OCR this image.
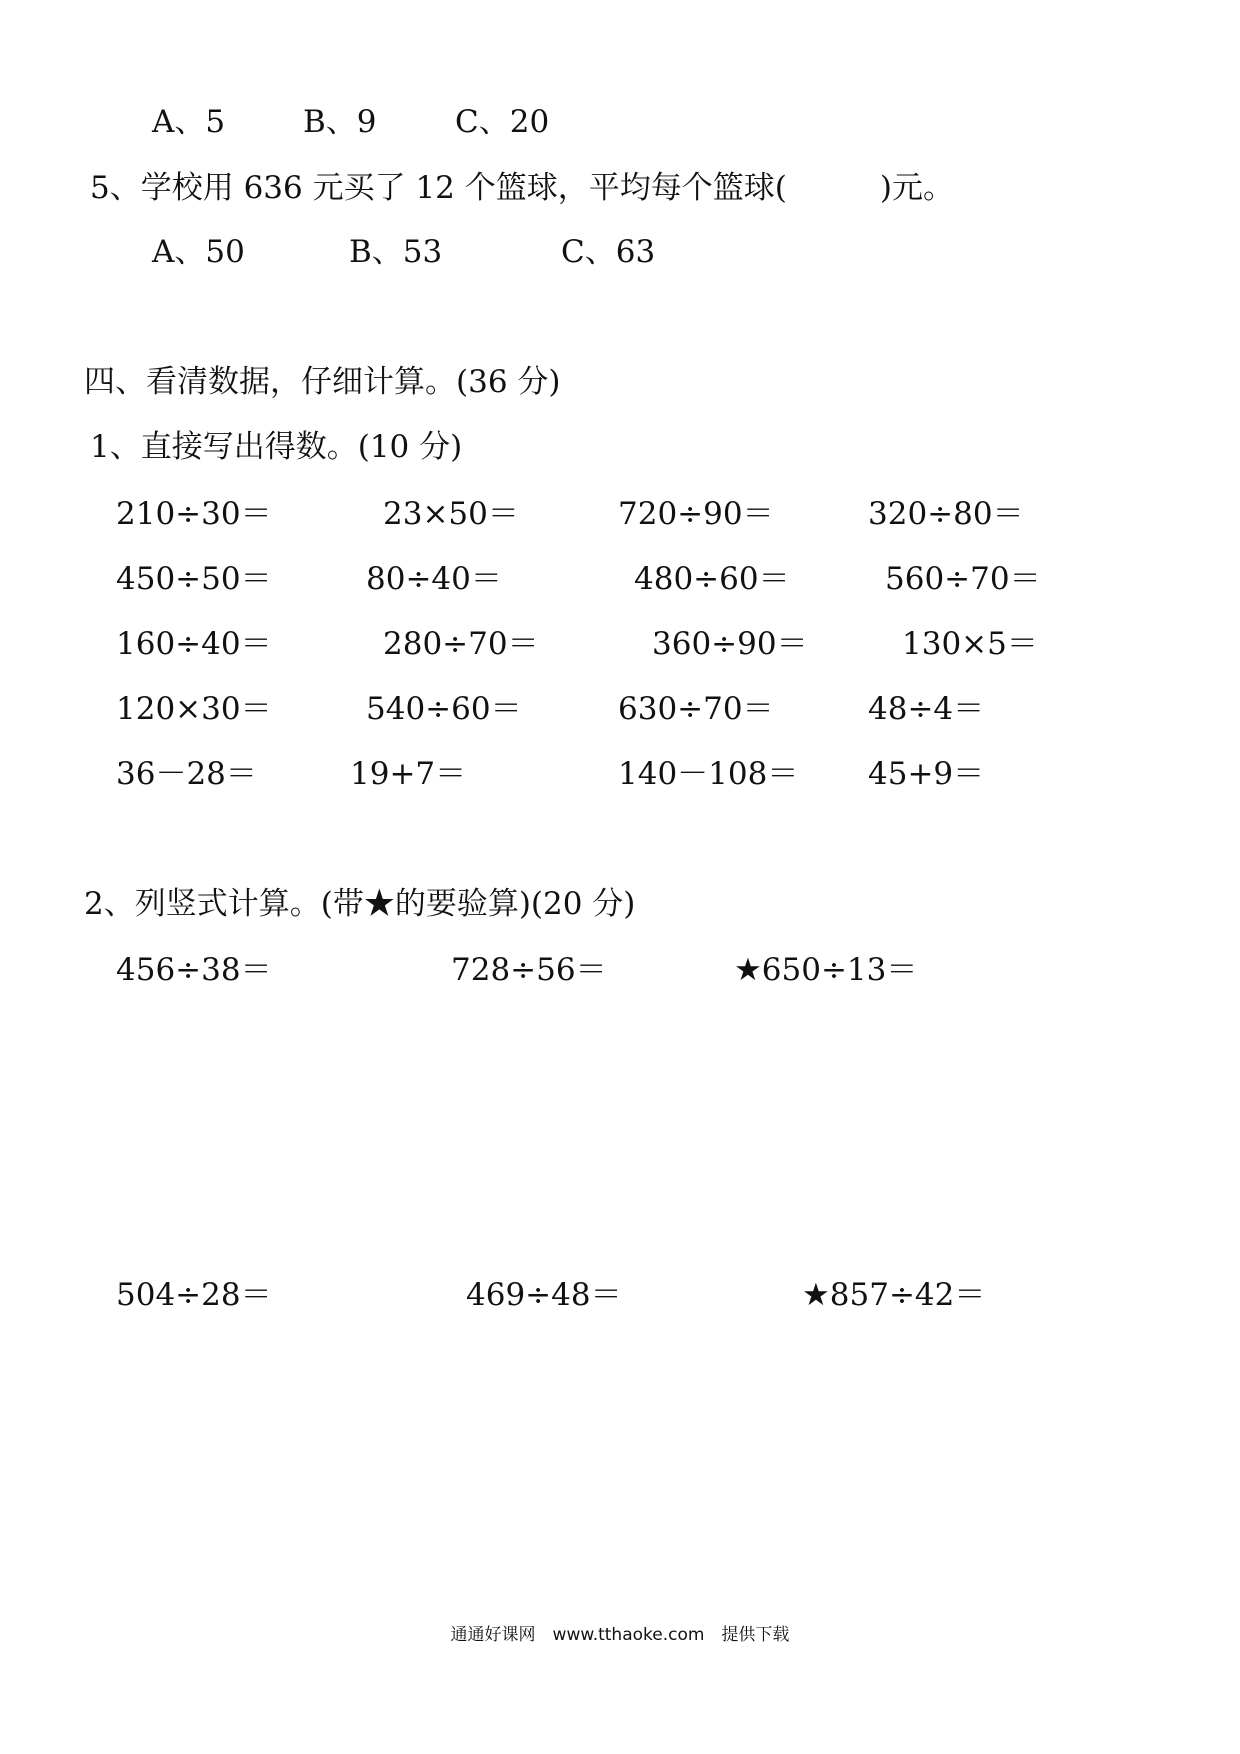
A、5	B、9	C、20
5、学校用 636 元买了 12 个篮球，平均每个篮球(　　　)元。
A、50	B、53	C、63
四、看清数据，仔细计算。(36 分)
1、直接写出得数。(10 分)
210÷30＝	23×50＝	720÷90＝	320÷80＝
450÷50＝	80÷40＝	480÷60＝	560÷70＝
160÷40＝	280÷70＝	360÷90＝	130×5＝
120×30＝	540÷60＝	630÷70＝	48÷4＝
36－28＝	19+7＝	140－108＝ 45+9＝
2、列竖式计算。(带★的要验算)(20 分)
456÷38＝	728÷56＝	★650÷13＝
504÷28＝	469÷48＝	★857÷42＝
通通好课网　www.tthaoke.com　提供下载
